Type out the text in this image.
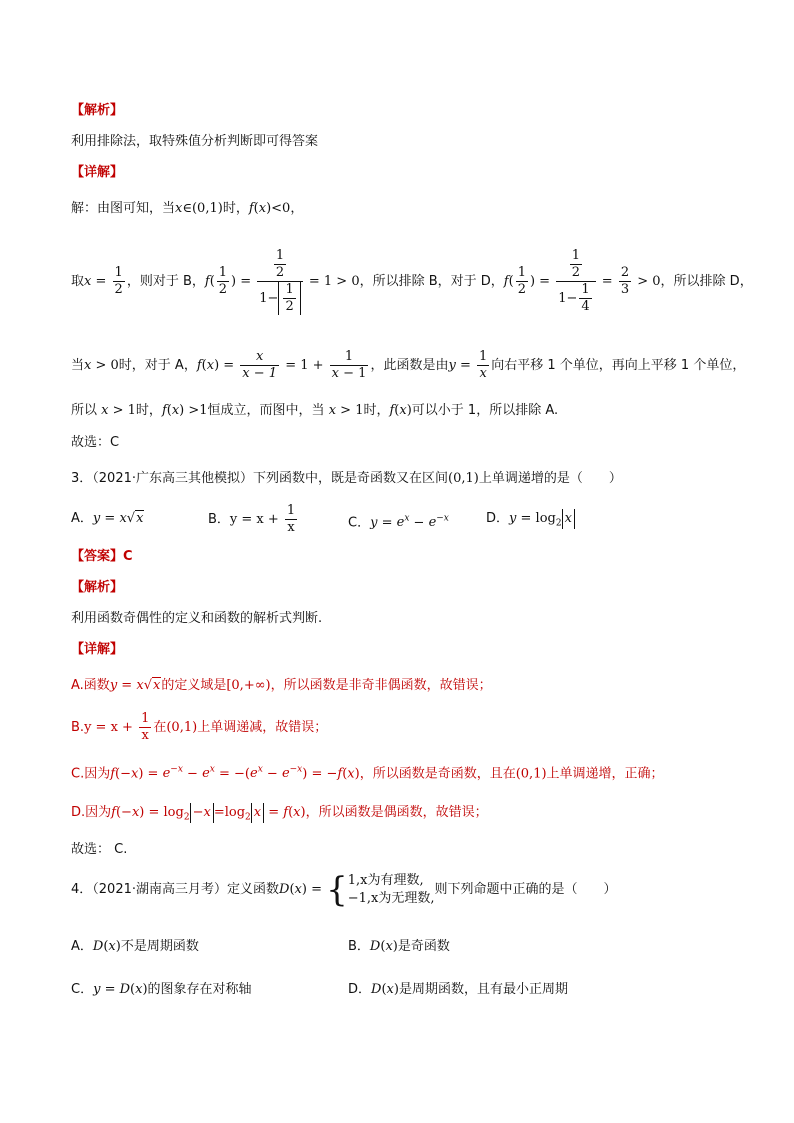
【解析】
利用排除法，取特殊值分析判断即可得答案
【详解】
解：由图可知，当x∈(0,1)时，f(x)<0，
取$x = \frac{1}{2}$ ，则对于 B，$f( \frac{1}{2}$ ) = $\frac{\frac{1}{2}}{1- \frac{1}{2}} = 1 > 0$，所以排除 B，对于 D，$f( \frac{1}{2}$ ) = $\frac{\frac{1}{2}}{1- \frac{1}{4}} = \frac{2}{3} > 0$，所以排除 D，
当x > 0时，对于 A，$f(x) = \frac{x}{x - 1} = 1 + \frac{1}{x - 1}$ ，此函数是由$y = \frac{1}{x}$ 向右平移 1 个单位，再向上平移 1 个单位，
所以 x > 1时，f(x) >1恒成立，而图中，当 x > 1时，f(x)可以小于 1，所以排除 A.
故选：C
3．（2021·广东高三其他模拟）下列函数中，既是奇函数又在区间(0,1)上单调递增的是（　　）
A．y = x√x	B．$y = x + \frac{1}{x}$	C．$y = e^x - e^{-x}$	D．$y = \log_2 x$
【答案】C
【解析】
利用函数奇偶性的定义和函数的解析式判断.
【详解】
A.函数y = x√x的定义域是[0,+∞)，所以函数是非奇非偶函数，故错误；
$B.y = x + \frac{1}{x}$ 在(0,1)上单调递减，故错误；
C.因为$f(-x) = e^{-x} - e^x = -(e^x - e^{-x}) = -f(x)$，所以函数是奇函数，且在(0,1)上单调递增，正确；
D.因为$f(-x) = \log_2 -x =\log_2$ x = f(x)，所以函数是偶函数，故错误；
故选： C.
4．（2021·湖南高三月考）定义函数D(x) = { 1,x为有理数,
−1,x为无理数,
则下列命题中正确的是（　　）
A．D(x)不是周期函数	B．D(x)是奇函数
C．y = D(x)的图象存在对称轴	D．D(x)是周期函数，且有最小正周期
